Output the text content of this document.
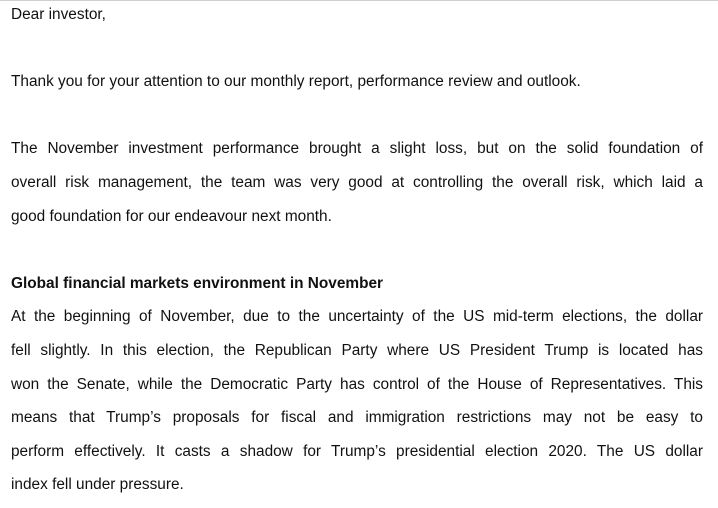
Dear investor,
Thank you for your attention to our monthly report, performance review and outlook.
The November investment performance brought a slight loss, but on the solid foundation of
overall risk management, the team was very good at controlling the overall risk, which laid a
good foundation for our endeavour next month.
Global financial markets environment in November
At the beginning of November, due to the uncertainty of the US mid-term elections, the dollar
fell slightly. In this election, the Republican Party where US President Trump is located has
won the Senate, while the Democratic Party has control of the House of Representatives. This
means that Trump’s proposals for fiscal and immigration restrictions may not be easy to
perform effectively. It casts a shadow for Trump’s presidential election 2020. The US dollar
index fell under pressure.
